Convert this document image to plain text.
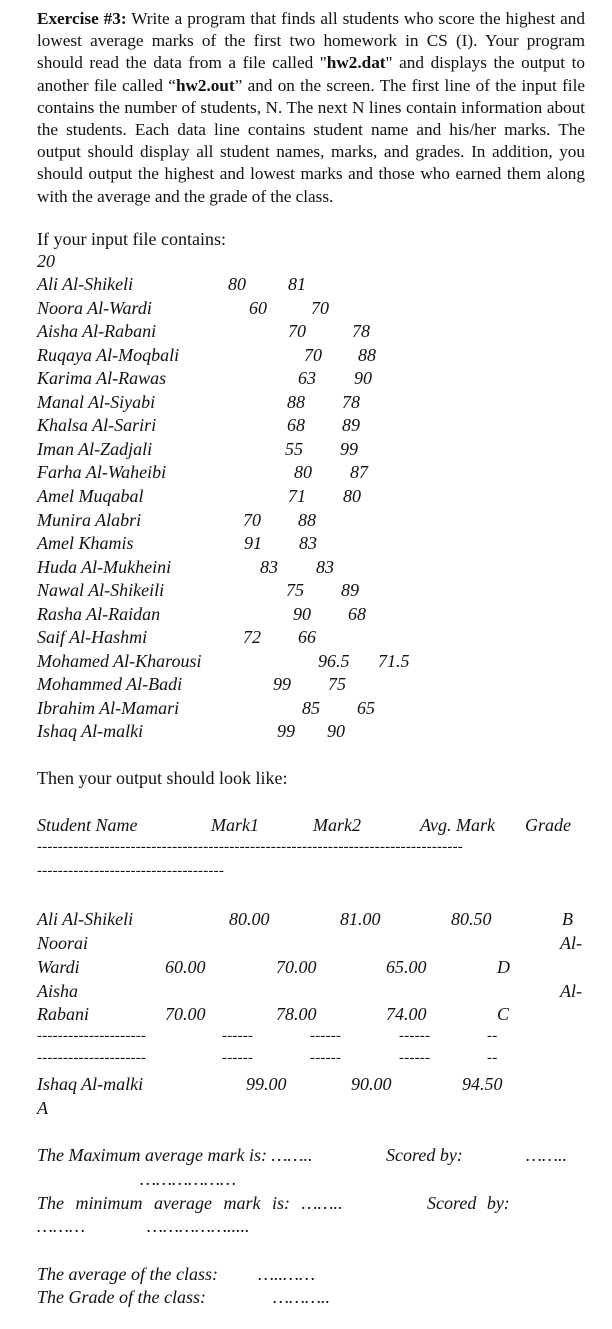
Exercise #3: Write a program that finds all students who score the highest and lowest average marks of the first two homework in CS (I). Your program should read the data from a file called "hw2.dat" and displays the output to another file called “hw2.out” and on the screen. The first line of the input file contains the number of students, N. The next N lines contain information about the students. Each data line contains student name and his/her marks. The output should display all student names, marks, and grades. In addition, you should output the highest and lowest marks and those who earned them along with the average and the grade of the class.
If your input file contains:
20
Ali Al-Shikeli	80 81
Noora Al-Wardi	60 70
Aisha Al-Rabani	70	78
Ruqaya Al-Moqbali	70 88
Karima Al-Rawas	63 90
Manal Al-Siyabi	88 78
Khalsa Al-Sariri	68 89
Iman Al-Zadjali	55 99
Farha Al-Waheibi	80 87
Amel Muqabal	71 80
Munira Alabri	70 88
Amel Khamis	91 83
Huda Al-Mukheini	83 83
Nawal Al-Shikeili	75 89
Rasha Al-Raidan	90 68
Saif Al-Hashmi	72 66
Mohamed Al-Kharousi	96.5 71.5
Mohammed Al-Badi	99 75
Ibrahim Al-Mamari	85 65
Ishaq Al-malki	99 90
Then your output should look like:
Student Name	Mark1	Mark2	Avg. Mark Grade
----------------------------------------------------------------------------------
------------------------------------
Ali Al-Shikeli	80.00	81.00	80.50	B
Noorai	Al-
Wardi	60.00	70.00	65.00	D
Aisha	Al-
Rabani	70.00	78.00	74.00	C
---------------------	------	------	------	--
---------------------	------	------	------	--
Ishaq Al-malki	99.00	90.00	94.50
A
The Maximum average mark is: ……..	Scored by:	……..
………………
The minimum average mark is: ……..	Scored by:
………	…………….....
The average of the class: …..……
The Grade of the class:	………..
